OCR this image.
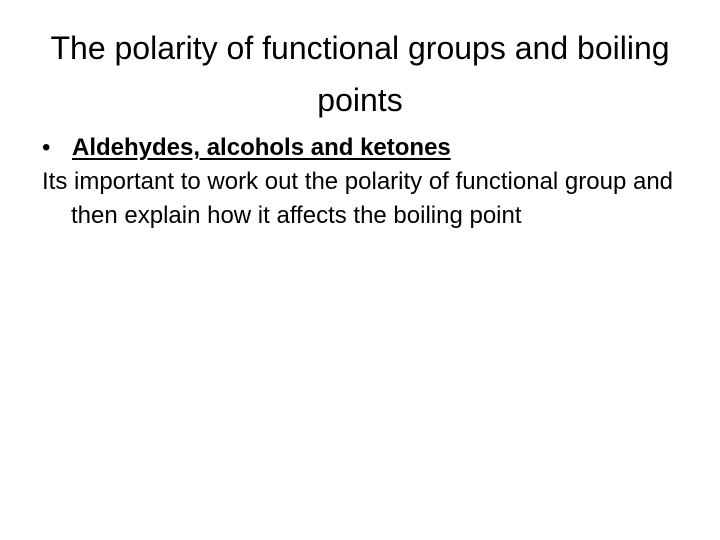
The polarity of functional groups and boiling points

• Aldehydes, alcohols and ketones

Its important to work out the polarity of functional group and then explain how it affects the boiling point
